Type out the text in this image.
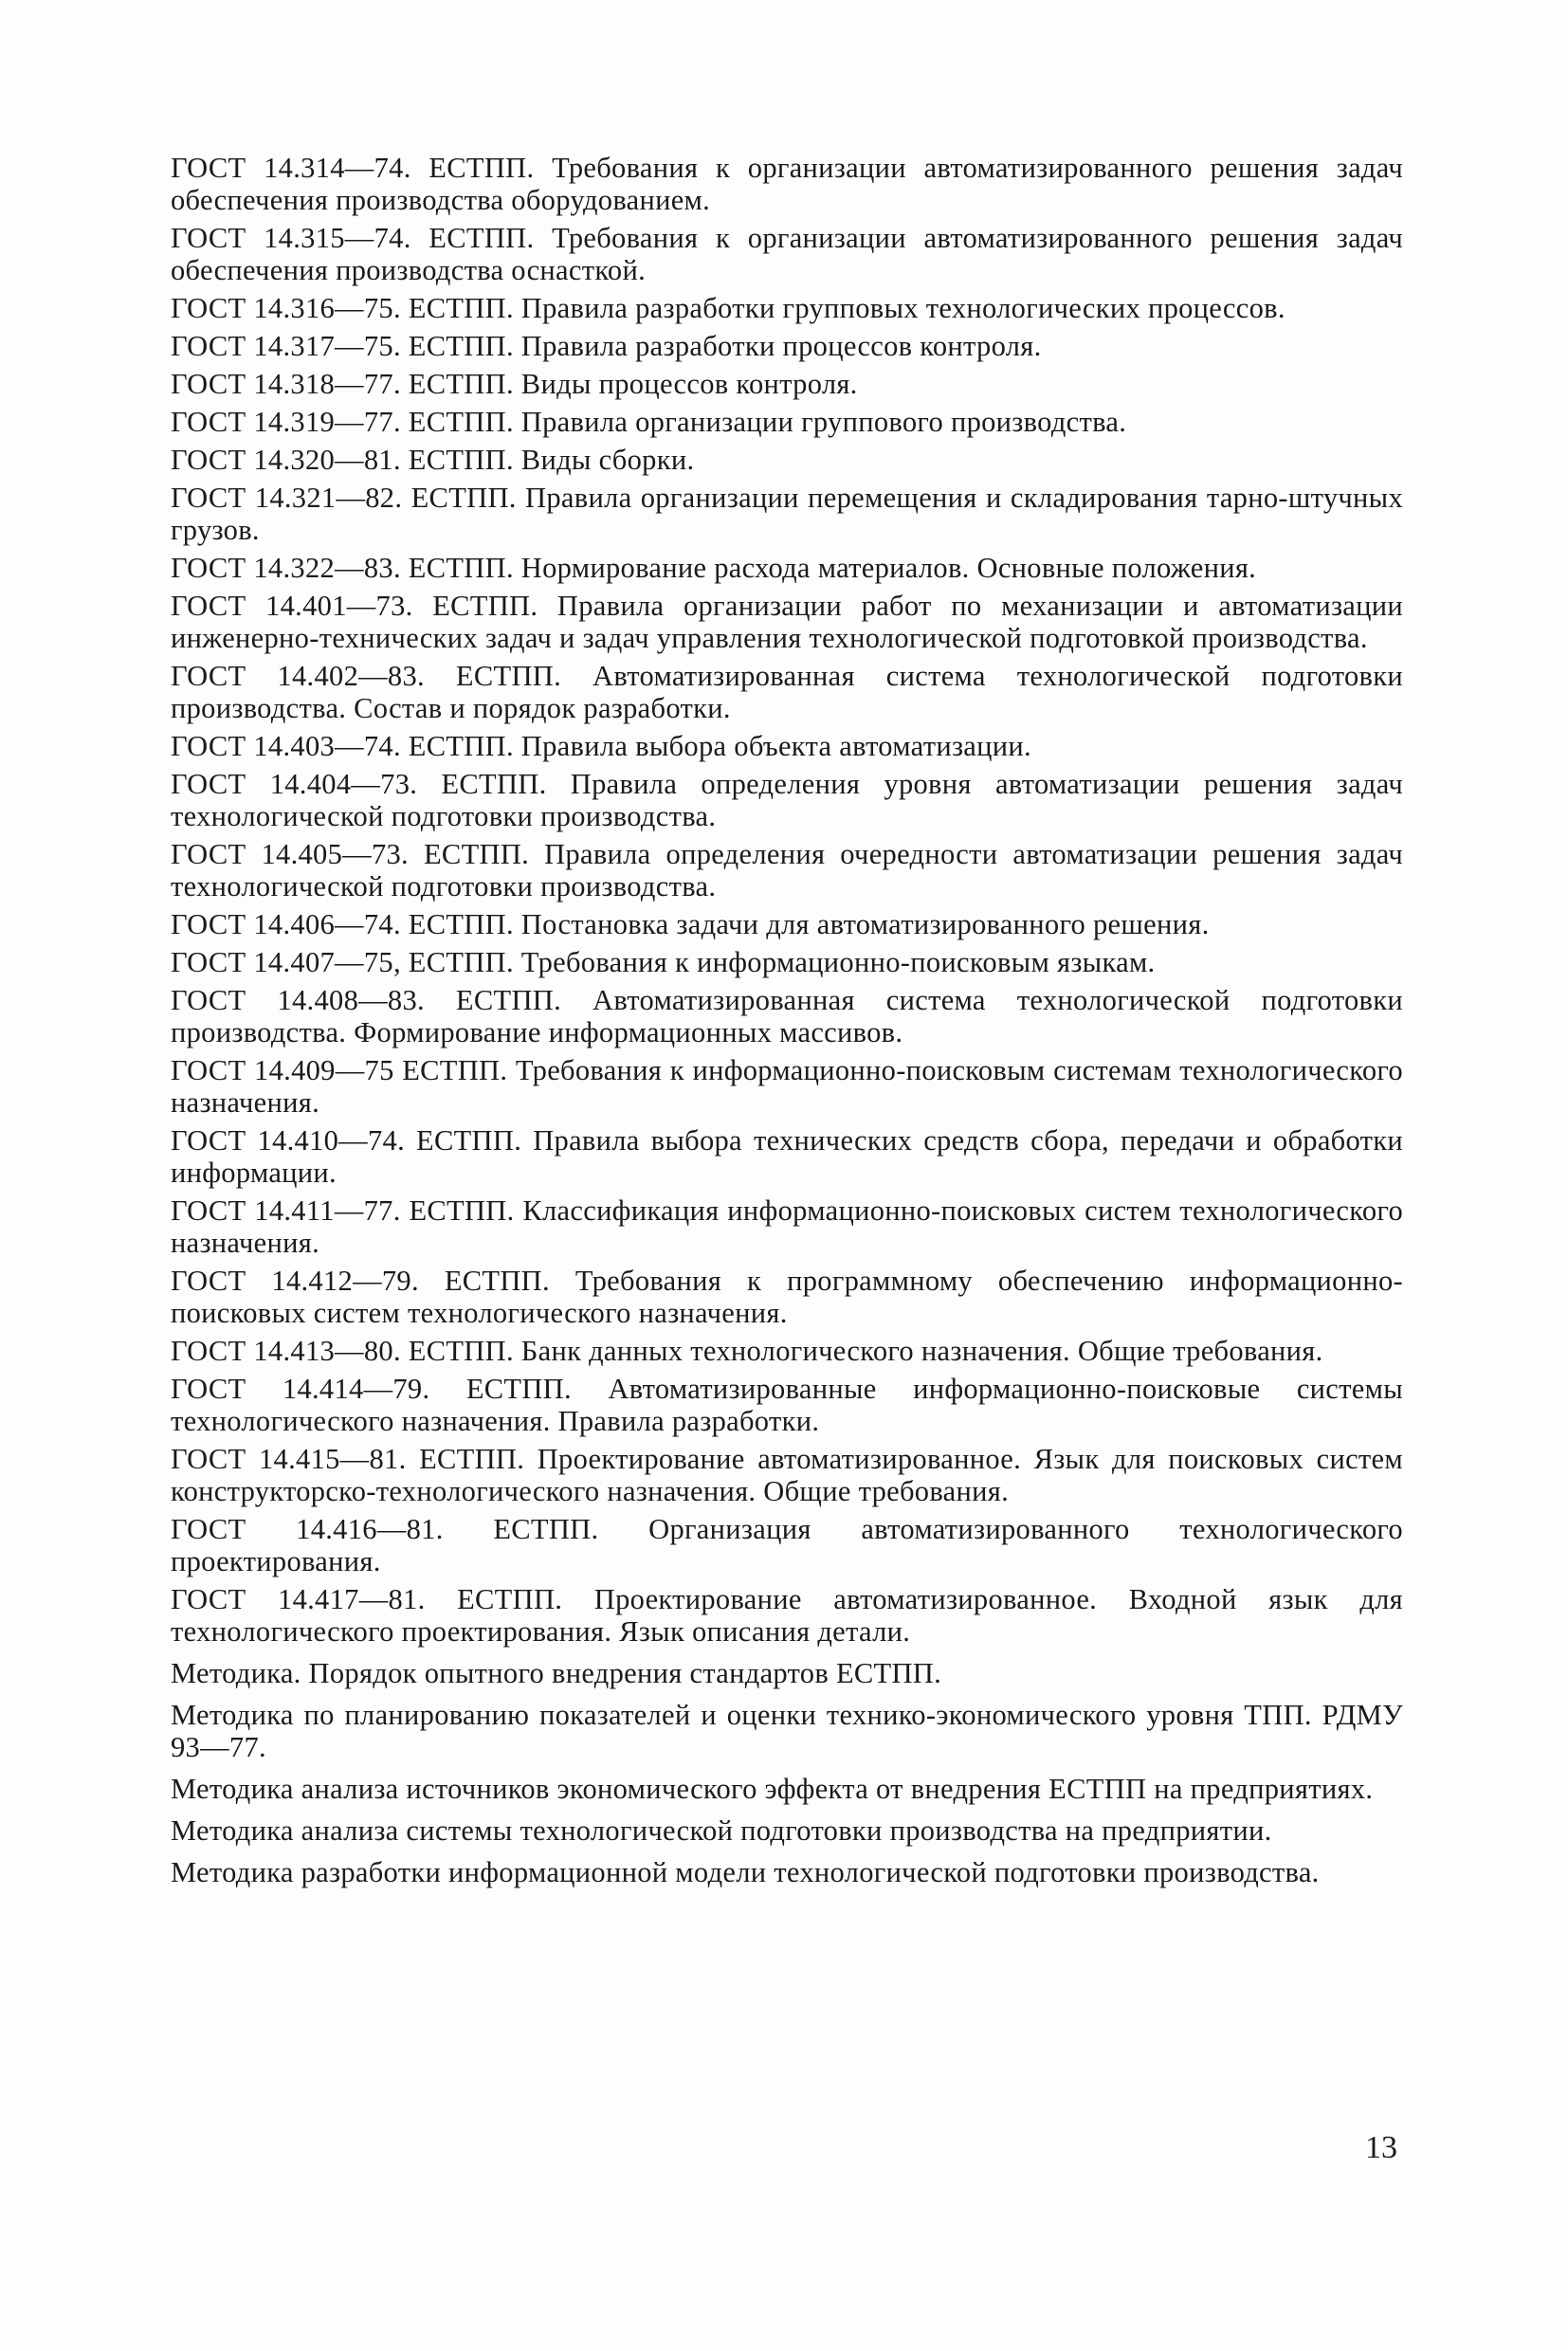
ГОСТ 14.314—74. ЕСТПП. Требования к организации автоматизированного решения задач обеспечения производства оборудованием.

ГОСТ 14.315—74. ЕСТПП. Требования к организации автоматизированного решения задач обеспечения производства оснасткой.

ГОСТ 14.316—75. ЕСТПП. Правила разработки групповых технологических процессов.

ГОСТ 14.317—75. ЕСТПП. Правила разработки процессов контроля.

ГОСТ 14.318—77. ЕСТПП. Виды процессов контроля.

ГОСТ 14.319—77. ЕСТПП. Правила организации группового производства.

ГОСТ 14.320—81. ЕСТПП. Виды сборки.

ГОСТ 14.321—82. ЕСТПП. Правила организации перемещения и складирования тарно-штучных грузов.

ГОСТ 14.322—83. ЕСТПП. Нормирование расхода материалов. Основные положения.

ГОСТ 14.401—73. ЕСТПП. Правила организации работ по механизации и автоматизации инженерно-технических задач и задач управления технологической подготовкой производства.

ГОСТ 14.402—83. ЕСТПП. Автоматизированная система технологической подготовки производства. Состав и порядок разработки.

ГОСТ 14.403—74. ЕСТПП. Правила выбора объекта автоматизации.

ГОСТ 14.404—73. ЕСТПП. Правила определения уровня автоматизации решения задач технологической подготовки производства.

ГОСТ 14.405—73. ЕСТПП. Правила определения очередности автоматизации решения задач технологической подготовки производства.

ГОСТ 14.406—74. ЕСТПП. Постановка задачи для автоматизированного решения.

ГОСТ 14.407—75, ЕСТПП. Требования к информационно-поисковым языкам.

ГОСТ 14.408—83. ЕСТПП. Автоматизированная система технологической подготовки производства. Формирование информационных массивов.

ГОСТ 14.409—75 ЕСТПП. Требования к информационно-поисковым системам технологического назначения.

ГОСТ 14.410—74. ЕСТПП. Правила выбора технических средств сбора, передачи и обработки информации.

ГОСТ 14.411—77. ЕСТПП. Классификация информационно-поисковых систем технологического назначения.

ГОСТ 14.412—79. ЕСТПП. Требования к программному обеспечению информационно-поисковых систем технологического назначения.

ГОСТ 14.413—80. ЕСТПП. Банк данных технологического назначения. Общие требования.

ГОСТ 14.414—79. ЕСТПП. Автоматизированные информационно-поисковые системы технологического назначения. Правила разработки.

ГОСТ 14.415—81. ЕСТПП. Проектирование автоматизированное. Язык для поисковых систем конструкторско-технологического назначения. Общие требования.

ГОСТ 14.416—81. ЕСТПП. Организация автоматизированного технологического проектирования.

ГОСТ 14.417—81. ЕСТПП. Проектирование автоматизированное. Входной язык для технологического проектирования. Язык описания детали.

Методика. Порядок опытного внедрения стандартов ЕСТПП.

Методика по планированию показателей и оценки технико-экономического уровня ТПП. РДМУ 93—77.

Методика анализа источников экономического эффекта от внедрения ЕСТПП на предприятиях.

Методика анализа системы технологической подготовки производства на предприятии.

Методика разработки информационной модели технологической подготовки производства.

13
